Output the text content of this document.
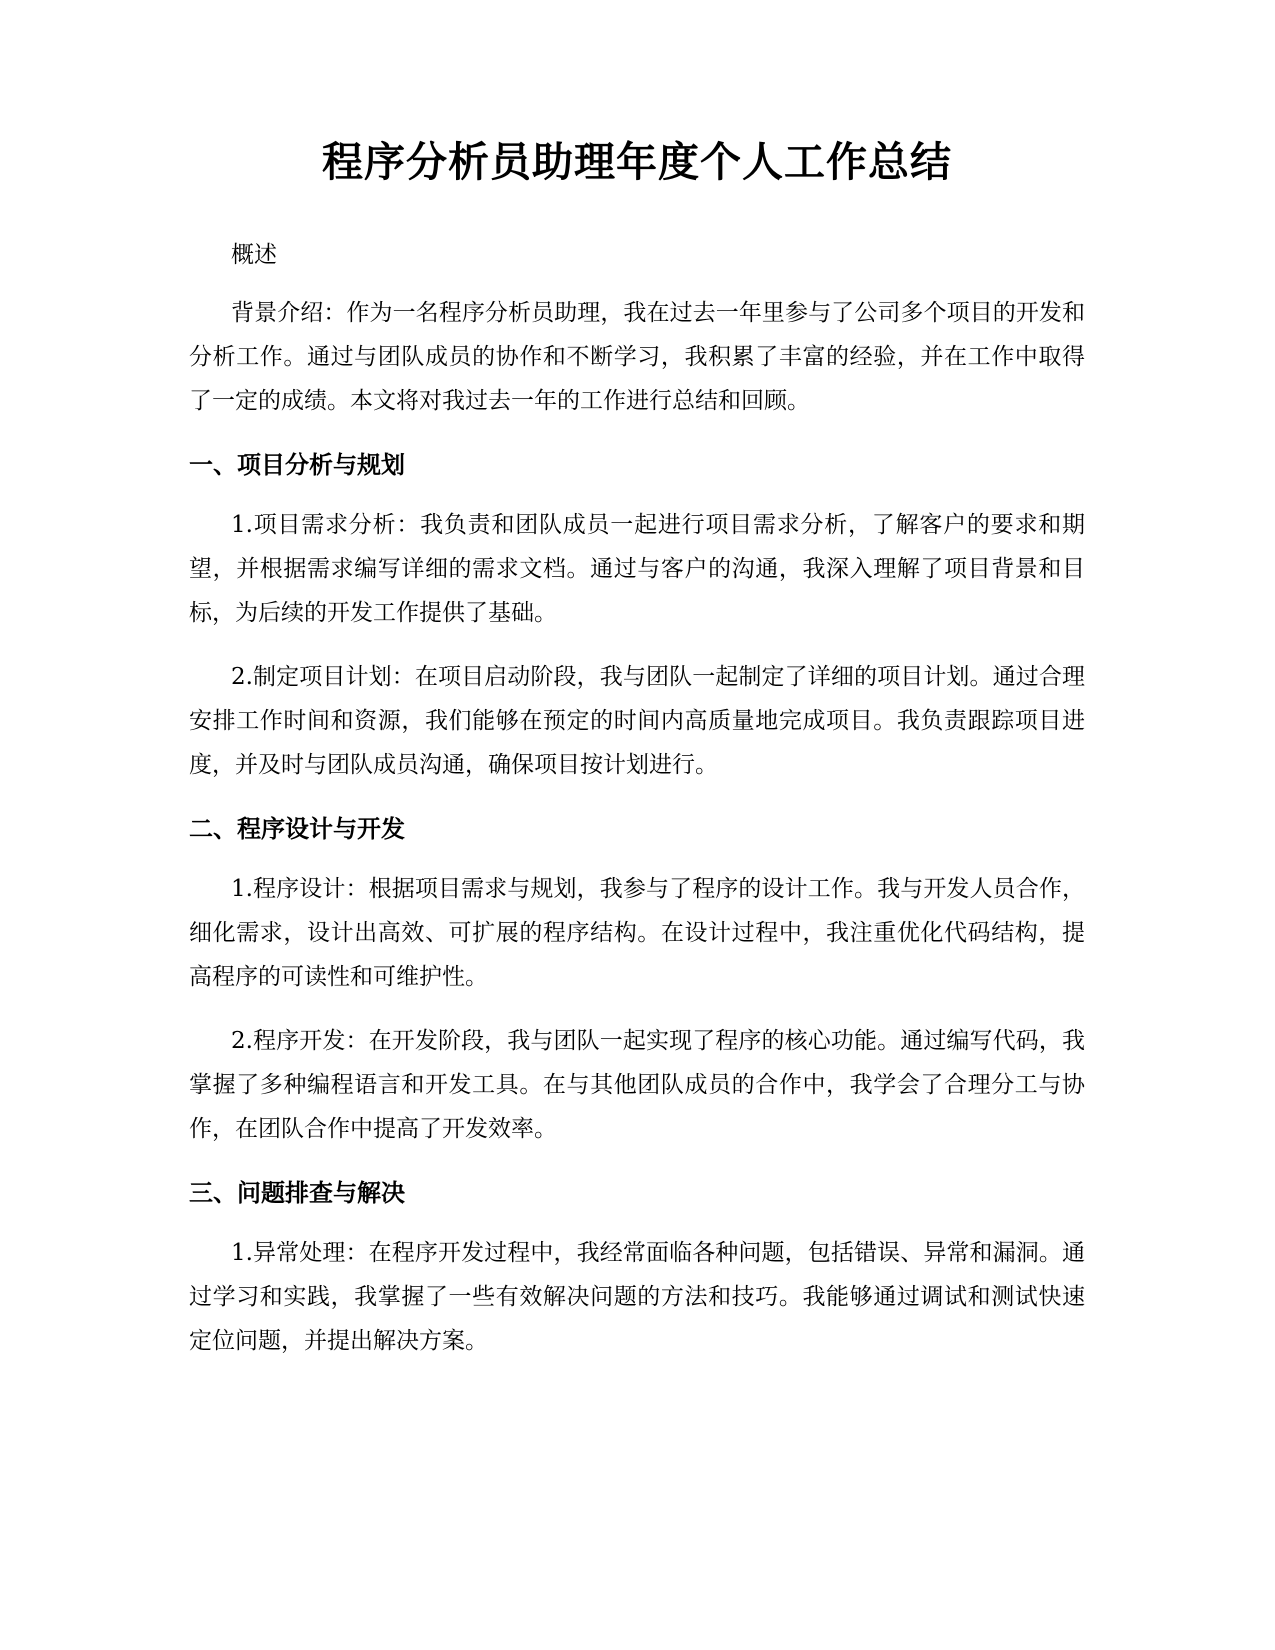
程序分析员助理年度个人工作总结

概述

背景介绍：作为一名程序分析员助理，我在过去一年里参与了公司多个项目的开发和分析工作。通过与团队成员的协作和不断学习，我积累了丰富的经验，并在工作中取得了一定的成绩。本文将对我过去一年的工作进行总结和回顾。

一、项目分析与规划

1.项目需求分析：我负责和团队成员一起进行项目需求分析，了解客户的要求和期望，并根据需求编写详细的需求文档。通过与客户的沟通，我深入理解了项目背景和目标，为后续的开发工作提供了基础。

2.制定项目计划：在项目启动阶段，我与团队一起制定了详细的项目计划。通过合理安排工作时间和资源，我们能够在预定的时间内高质量地完成项目。我负责跟踪项目进度，并及时与团队成员沟通，确保项目按计划进行。

二、程序设计与开发

1.程序设计：根据项目需求与规划，我参与了程序的设计工作。我与开发人员合作，细化需求，设计出高效、可扩展的程序结构。在设计过程中，我注重优化代码结构，提高程序的可读性和可维护性。

2.程序开发：在开发阶段，我与团队一起实现了程序的核心功能。通过编写代码，我掌握了多种编程语言和开发工具。在与其他团队成员的合作中，我学会了合理分工与协作，在团队合作中提高了开发效率。

三、问题排查与解决

1.异常处理：在程序开发过程中，我经常面临各种问题，包括错误、异常和漏洞。通过学习和实践，我掌握了一些有效解决问题的方法和技巧。我能够通过调试和测试快速定位问题，并提出解决方案。
